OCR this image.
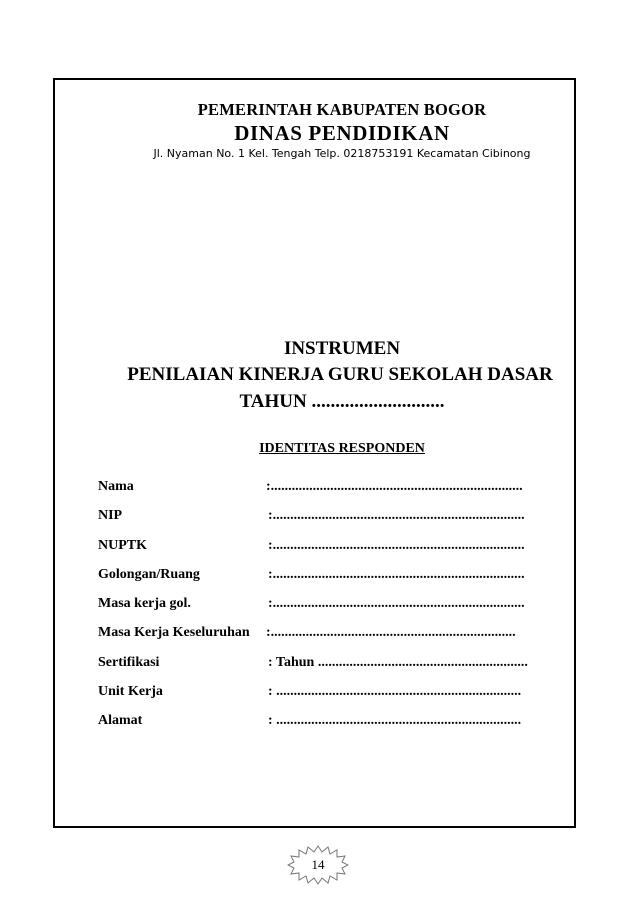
PEMERINTAH KABUPATEN BOGOR
DINAS PENDIDIKAN
Jl. Nyaman No. 1 Kel. Tengah Telp. 0218753191 Kecamatan Cibinong
INSTRUMEN
PENILAIAN KINERJA GURU SEKOLAH DASAR
TAHUN ............................
IDENTITAS RESPONDEN
Nama	:........................................................................
NIP	:........................................................................
NUPTK	:........................................................................
Golongan/Ruang	:........................................................................
Masa kerja gol.	:........................................................................
Masa Kerja Keseluruhan :......................................................................
Sertifikasi	: Tahun ............................................................
Unit Kerja	: ......................................................................
Alamat	: ......................................................................
14
